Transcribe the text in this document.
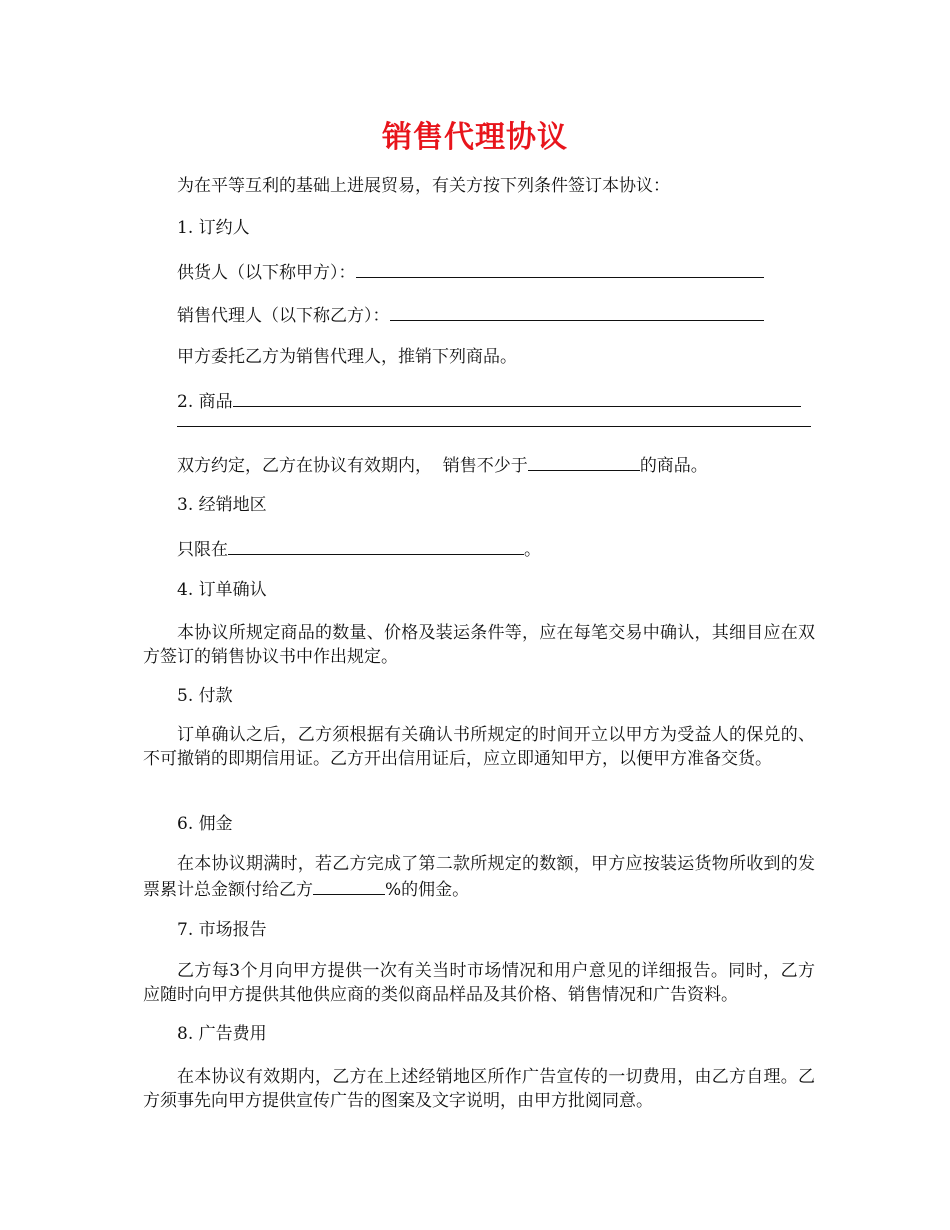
销售代理协议
为在平等互利的基础上进展贸易，有关方按下列条件签订本协议：
1. 订约人
供货人（以下称甲方）：
销售代理人（以下称乙方）：
甲方委托乙方为销售代理人，推销下列商品。
2. 商品
双方约定，乙方在协议有效期内，  销售不少于	的商品。
3. 经销地区
只限在	。
4. 订单确认
本协议所规定商品的数量、价格及装运条件等，应在每笔交易中确认，其细目应在双方签订的销售协议书中作出规定。
5. 付款
订单确认之后，乙方须根据有关确认书所规定的时间开立以甲方为受益人的保兑的、不可撤销的即期信用证。乙方开出信用证后，应立即通知甲方，以便甲方准备交货。
6. 佣金
在本协议期满时，若乙方完成了第二款所规定的数额，甲方应按装运货物所收到的发票累计总金额付给乙方	%的佣金。
7. 市场报告
乙方每3个月向甲方提供一次有关当时市场情况和用户意见的详细报告。同时，乙方应随时向甲方提供其他供应商的类似商品样品及其价格、销售情况和广告资料。
8. 广告费用
在本协议有效期内，乙方在上述经销地区所作广告宣传的一切费用，由乙方自理。乙方须事先向甲方提供宣传广告的图案及文字说明，由甲方批阅同意。
